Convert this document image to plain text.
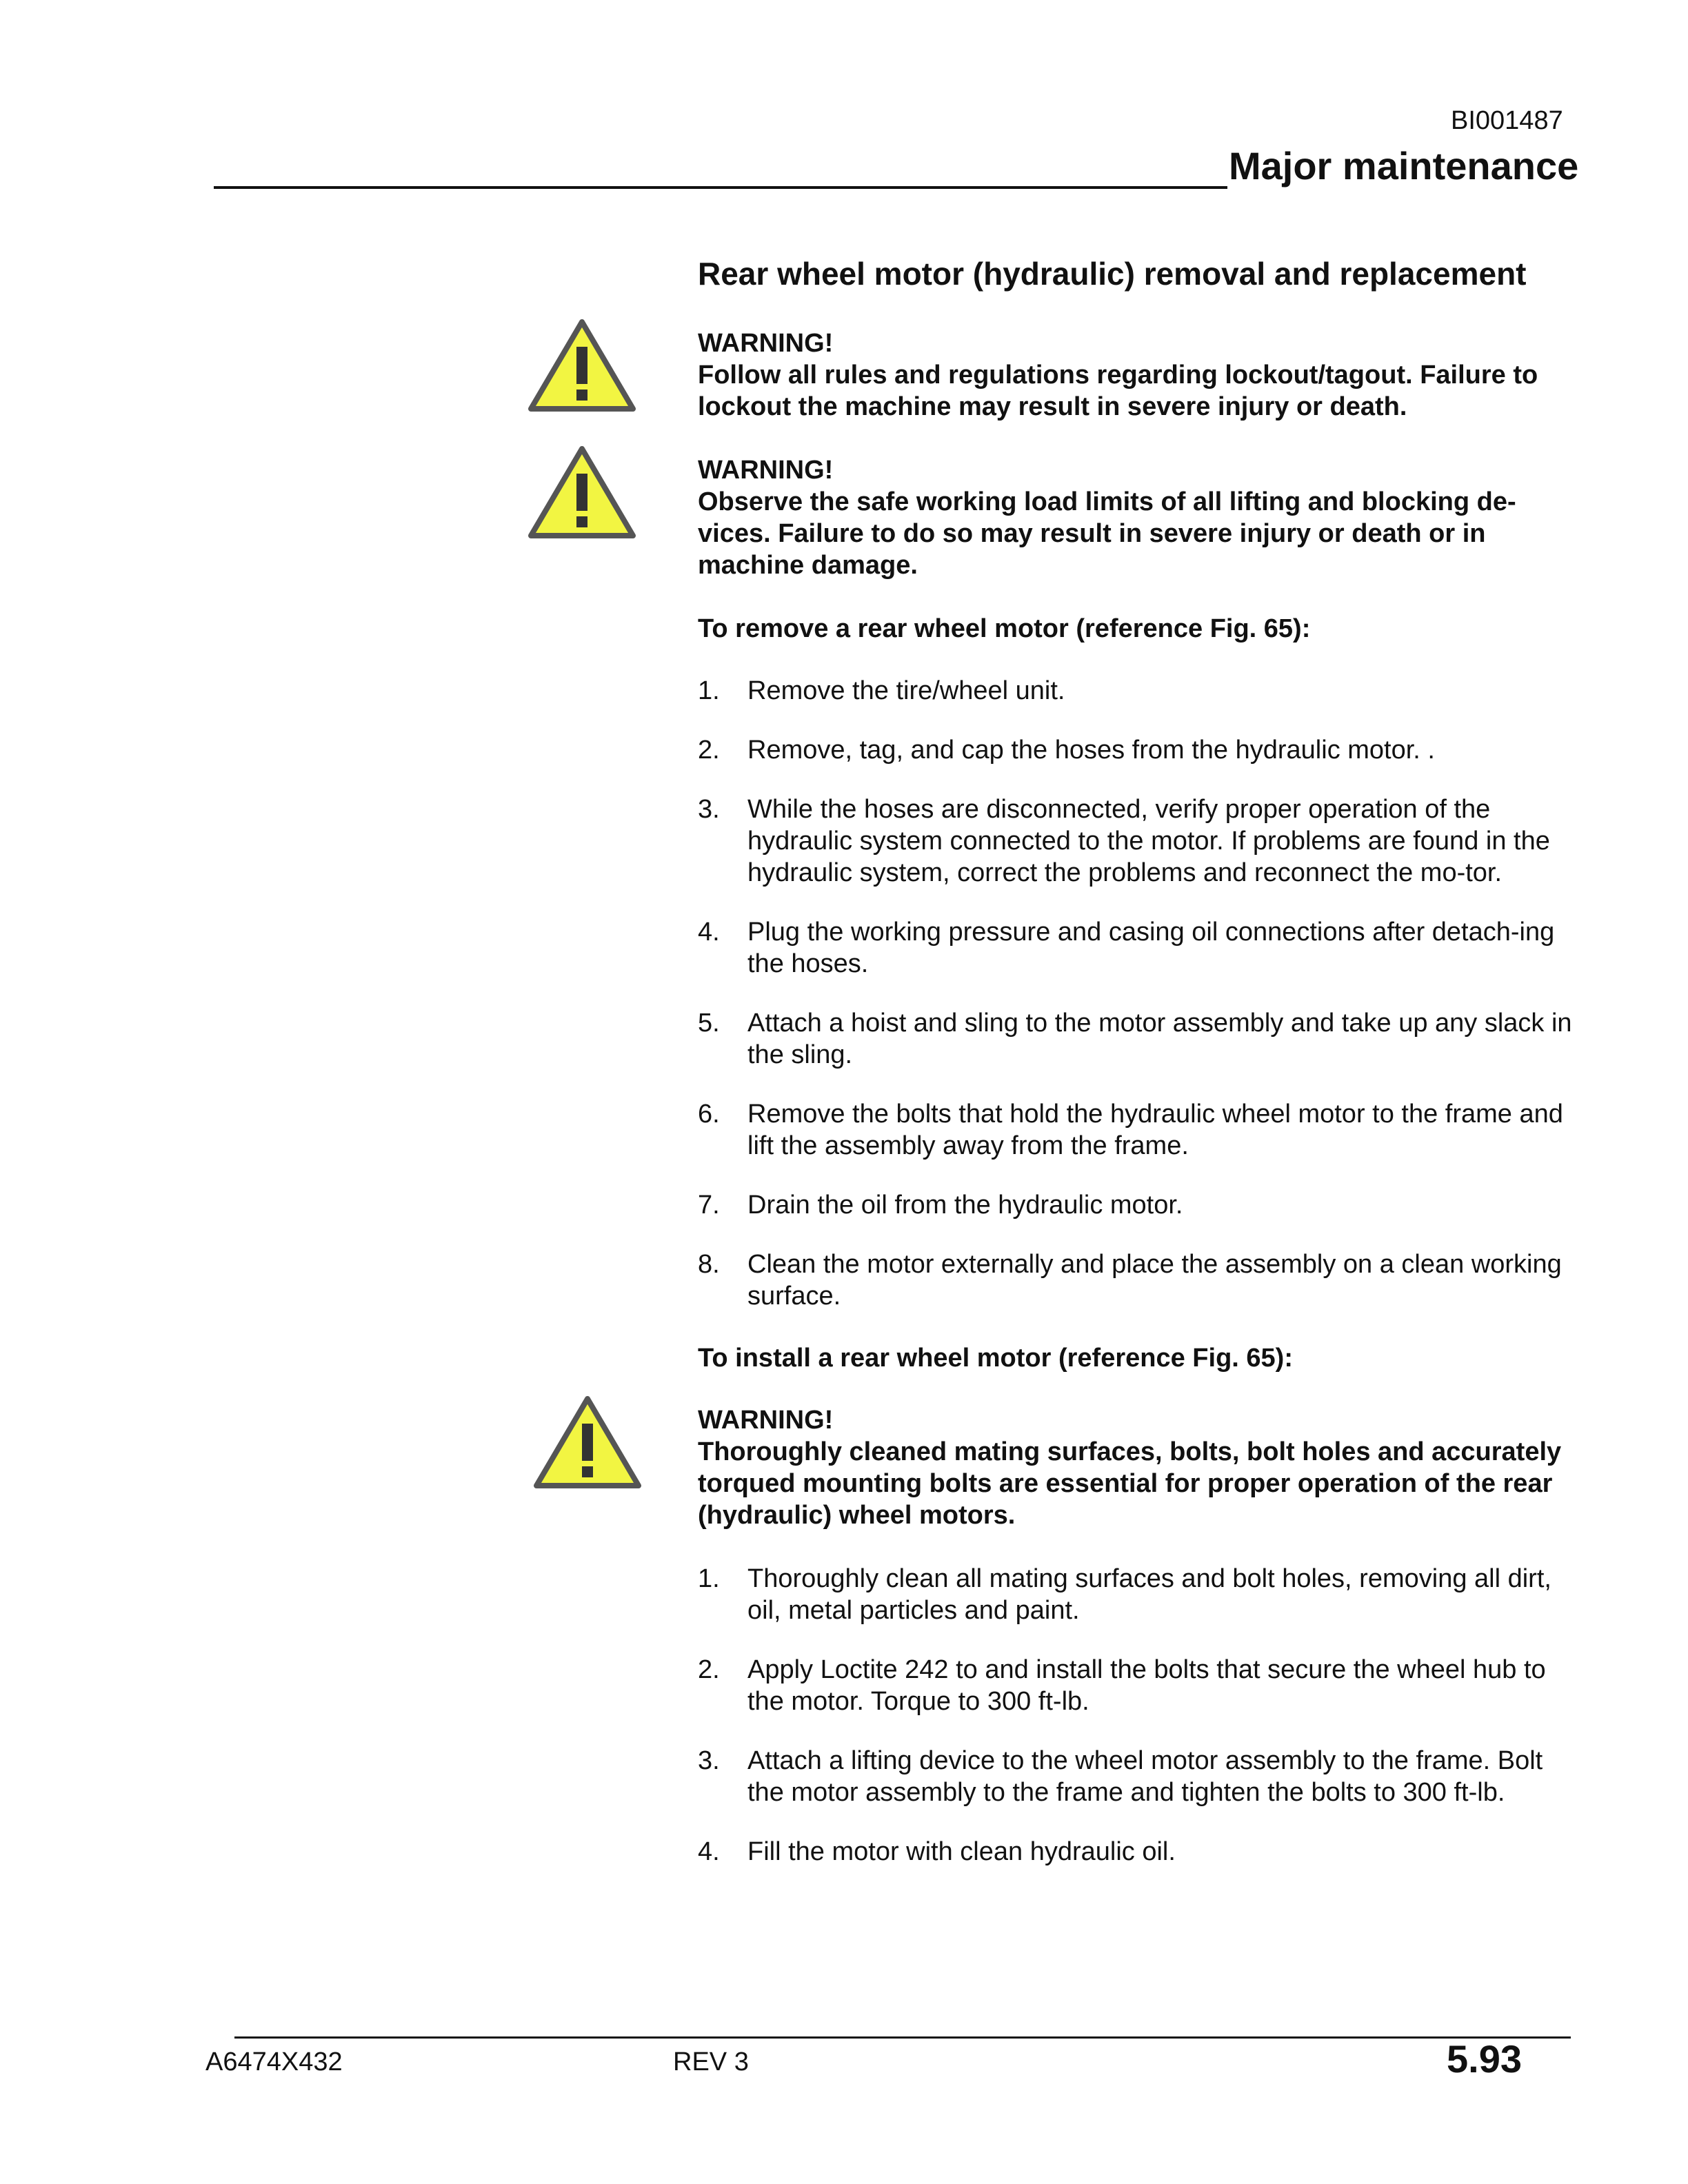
BI001487
Major maintenance
Rear wheel motor (hydraulic) removal and replacement

WARNING!

Follow all rules and regulations regarding lockout/tagout. Failure to lockout the machine may result in severe injury or death.

WARNING!

Observe the safe working load limits of all lifting and blocking de-vices. Failure to do so may result in severe injury or death or in machine damage.

To remove a rear wheel motor (reference Fig. 65):

1. Remove the tire/wheel unit.
2. Remove, tag, and cap the hoses from the hydraulic motor. .
3. While the hoses are disconnected, verify proper operation of the hydraulic system connected to the motor. If problems are found in the hydraulic system, correct the problems and reconnect the mo-tor.
4. Plug the working pressure and casing oil connections after detach-ing the hoses.
5. Attach a hoist and sling to the motor assembly and take up any slack in the sling.
6. Remove the bolts that hold the hydraulic wheel motor to the frame and lift the assembly away from the frame.
7. Drain the oil from the hydraulic motor.
8. Clean the motor externally and place the assembly on a clean working surface.

To install a rear wheel motor (reference Fig. 65):

WARNING!

Thoroughly cleaned mating surfaces, bolts, bolt holes and accurately torqued mounting bolts are essential for proper operation of the rear (hydraulic) wheel motors.

1. Thoroughly clean all mating surfaces and bolt holes, removing all dirt, oil, metal particles and paint.
2. Apply Loctite 242 to and install the bolts that secure the wheel hub to the motor. Torque to 300 ft-lb.
3. Attach a lifting device to the wheel motor assembly to the frame. Bolt the motor assembly to the frame and tighten the bolts to 300 ft-lb.
4. Fill the motor with clean hydraulic oil.
A6474X432	REV 3	5.93
